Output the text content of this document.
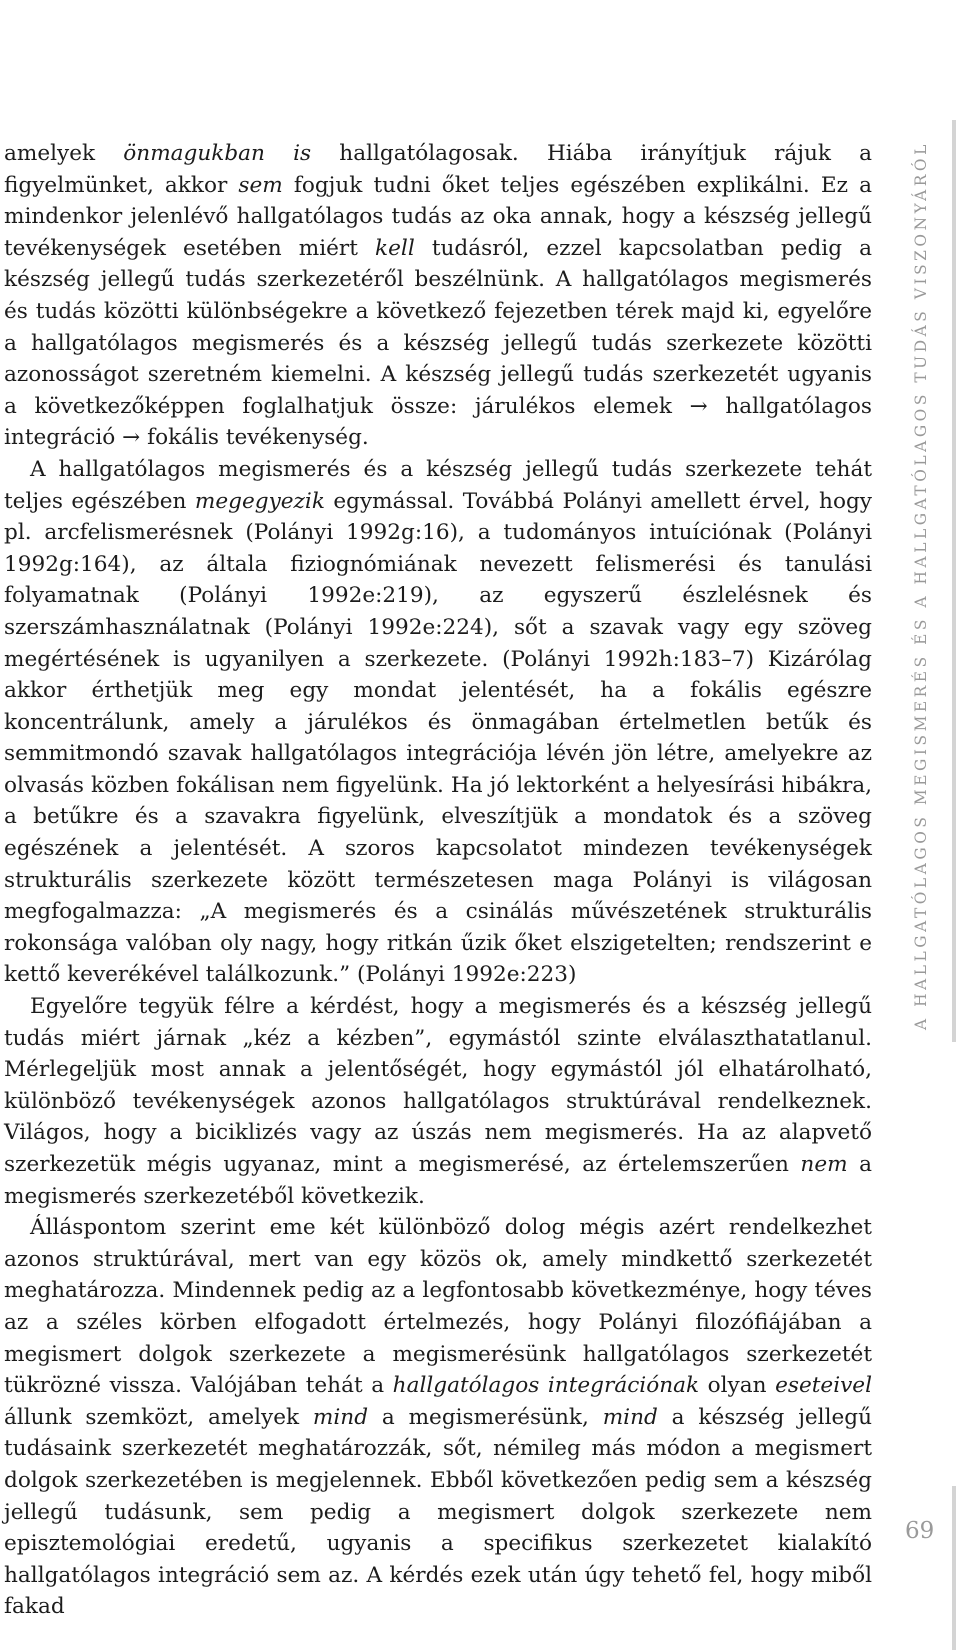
amelyek önmagukban is hallgatólagosak. Hiába irányítjuk rájuk a figyelmünket, akkor sem fogjuk tudni őket teljes egészében explikálni. Ez a mindenkor jelenlévő hallgatólagos tudás az oka annak, hogy a készség jellegű tevékenységek esetében miért kell tudásról, ezzel kapcsolatban pedig a készség jellegű tudás szerkezetéről beszélnünk. A hallgatólagos megismerés és tudás közötti különbségekre a következő fejezetben térek majd ki, egyelőre a hallgatólagos megismerés és a készség jellegű tudás szerkezete közötti azonosságot szeretném kiemelni. A készség jellegű tudás szerkezetét ugyanis a következőképpen foglalhatjuk össze: járulékos elemek → hallgatólagos integráció → fokális tevékenység.

A hallgatólagos megismerés és a készség jellegű tudás szerkezete tehát teljes egészében megegyezik egymással. Továbbá Polányi amellett érvel, hogy pl. arcfelismerésnek (Polányi 1992g:16), a tudományos intuíciónak (Polányi 1992g:164), az általa fiziognómiának nevezett felismerési és tanulási folyamatnak (Polányi 1992e:219), az egyszerű észlelésnek és szerszámhasználatnak (Polányi 1992e:224), sőt a szavak vagy egy szöveg megértésének is ugyanilyen a szerkezete. (Polányi 1992h:183–7) Kizárólag akkor érthetjük meg egy mondat jelentését, ha a fokális egészre koncentrálunk, amely a járulékos és önmagában értelmetlen betűk és semmitmondó szavak hallgatólagos integrációja lévén jön létre, amelyekre az olvasás közben fokálisan nem figyelünk. Ha jó lektorként a helyesírási hibákra, a betűkre és a szavakra figyelünk, elveszítjük a mondatok és a szöveg egészének a jelentését. A szoros kapcsolatot mindezen tevékenységek strukturális szerkezete között természetesen maga Polányi is világosan megfogalmazza: „A megismerés és a csinálás művészetének strukturális rokonsága valóban oly nagy, hogy ritkán űzik őket elszigetelten; rendszerint e kettő keverékével találkozunk.” (Polányi 1992e:223)

Egyelőre tegyük félre a kérdést, hogy a megismerés és a készség jellegű tudás miért járnak „kéz a kézben”, egymástól szinte elválaszthatatlanul. Mérlegeljük most annak a jelentőségét, hogy egymástól jól elhatárolható, különböző tevékenységek azonos hallgatólagos struktúrával rendelkeznek. Világos, hogy a biciklizés vagy az úszás nem megismerés. Ha az alapvető szerkezetük mégis ugyanaz, mint a megismerésé, az értelemszerűen nem a megismerés szerkezetéből következik.

Álláspontom szerint eme két különböző dolog mégis azért rendelkezhet azonos struktúrával, mert van egy közös ok, amely mindkettő szerkezetét meghatározza. Mindennek pedig az a legfontosabb következménye, hogy téves az a széles körben elfogadott értelmezés, hogy Polányi filozófiájában a megismert dolgok szerkezete a megismerésünk hallgatólagos szerkezetét tükrözné vissza. Valójában tehát a hallgatólagos integrációnak olyan eseteivel állunk szemközt, amelyek mind a megismerésünk, mind a készség jellegű tudásaink szerkezetét meghatározzák, sőt, némileg más módon a megismert dolgok szerkezetében is megjelennek. Ebből következően pedig sem a készség jellegű tudásunk, sem pedig a megismert dolgok szerkezete nem episztemológiai eredetű, ugyanis a specifikus szerkezetet kialakító hallgatólagos integráció sem az. A kérdés ezek után úgy tehető fel, hogy miből fakad

A HALLGATÓLAGOS MEGISMERÉS ÉS A HALLGATÓLAGOS TUDÁS VISZONYÁRÓL
69
